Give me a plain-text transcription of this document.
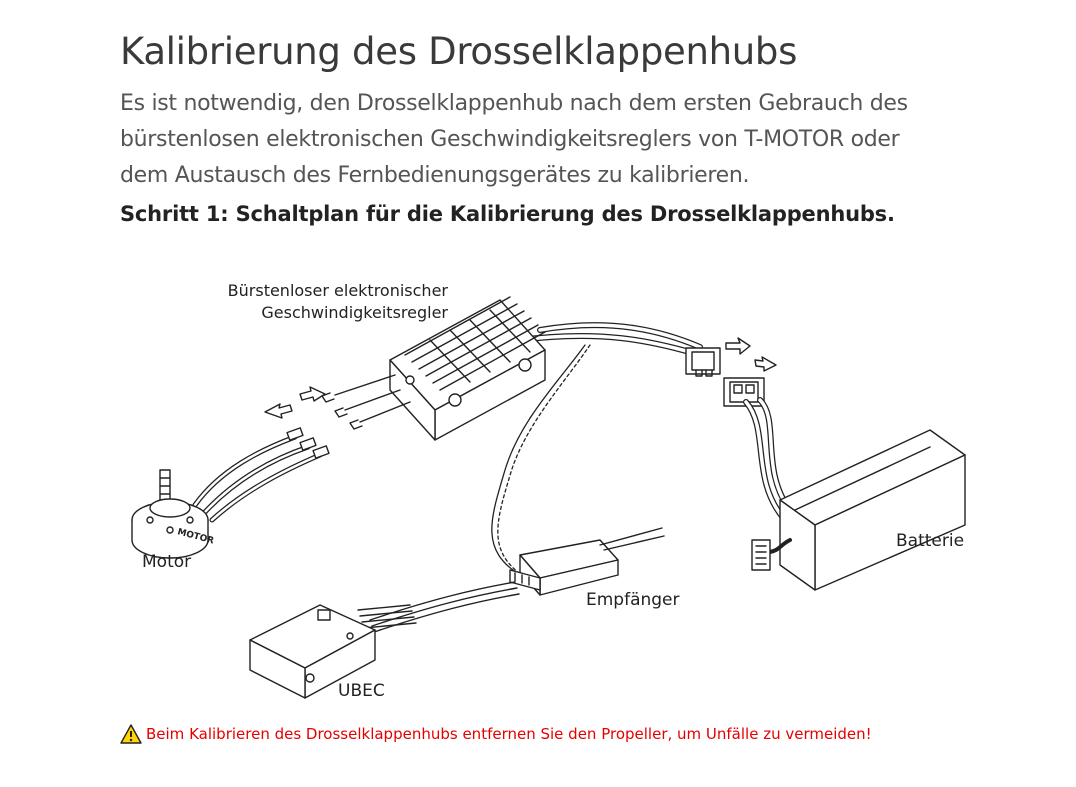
Kalibrierung des Drosselklappenhubs
Es ist notwendig, den Drosselklappenhub nach dem ersten Gebrauch des bürstenlosen elektronischen Geschwindigkeitsreglers von T-MOTOR oder dem Austausch des Fernbedienungsgerätes zu kalibrieren.
Schritt 1: Schaltplan für die Kalibrierung des Drosselklappenhubs.
MOTOR
Bürstenloser elektronischer
Geschwindigkeitsregler
Motor
Batterie
Empfänger
UBEC
Beim Kalibrieren des Drosselklappenhubs entfernen Sie den Propeller, um Unfälle zu vermeiden!
